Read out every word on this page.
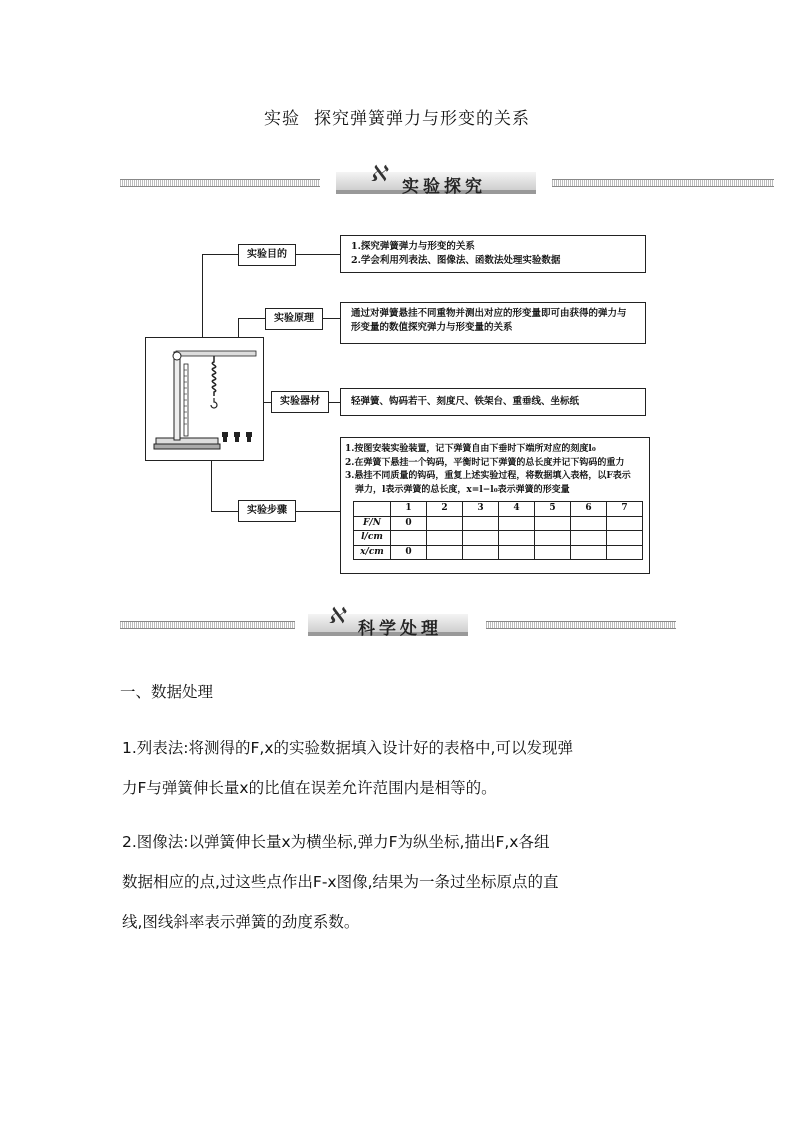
实验 探究弹簧弹力与形变的关系
ℵ 实验探究
实验目的
实验原理
实验器材
实验步骤
1.探究弹簧弹力与形变的关系
2.学会利用列表法、图像法、函数法处理实验数据
通过对弹簧悬挂不同重物并测出对应的形变量即可由获得的弹力与
形变量的数值探究弹力与形变量的关系
轻弹簧、钩码若干、刻度尺、铁架台、重垂线、坐标纸
1.按图安装实验装置，记下弹簧自由下垂时下端所对应的刻度l₀
2.在弹簧下悬挂一个钩码，平衡时记下弹簧的总长度并记下钩码的重力
3.悬挂不同质量的钩码，重复上述实验过程，将数据填入表格，以F表示
弹力，l表示弹簧的总长度，x=l−l₀表示弹簧的形变量
	1	2	3	4	5	6	7
F/N	0						
l/cm							
x/cm	0						
ℵ 科学处理
一、数据处理
1.列表法:将测得的F,x的实验数据填入设计好的表格中,可以发现弹
力F与弹簧伸长量x的比值在误差允许范围内是相等的。
2.图像法:以弹簧伸长量x为横坐标,弹力F为纵坐标,描出F,x各组
数据相应的点,过这些点作出F-x图像,结果为一条过坐标原点的直
线,图线斜率表示弹簧的劲度系数。
